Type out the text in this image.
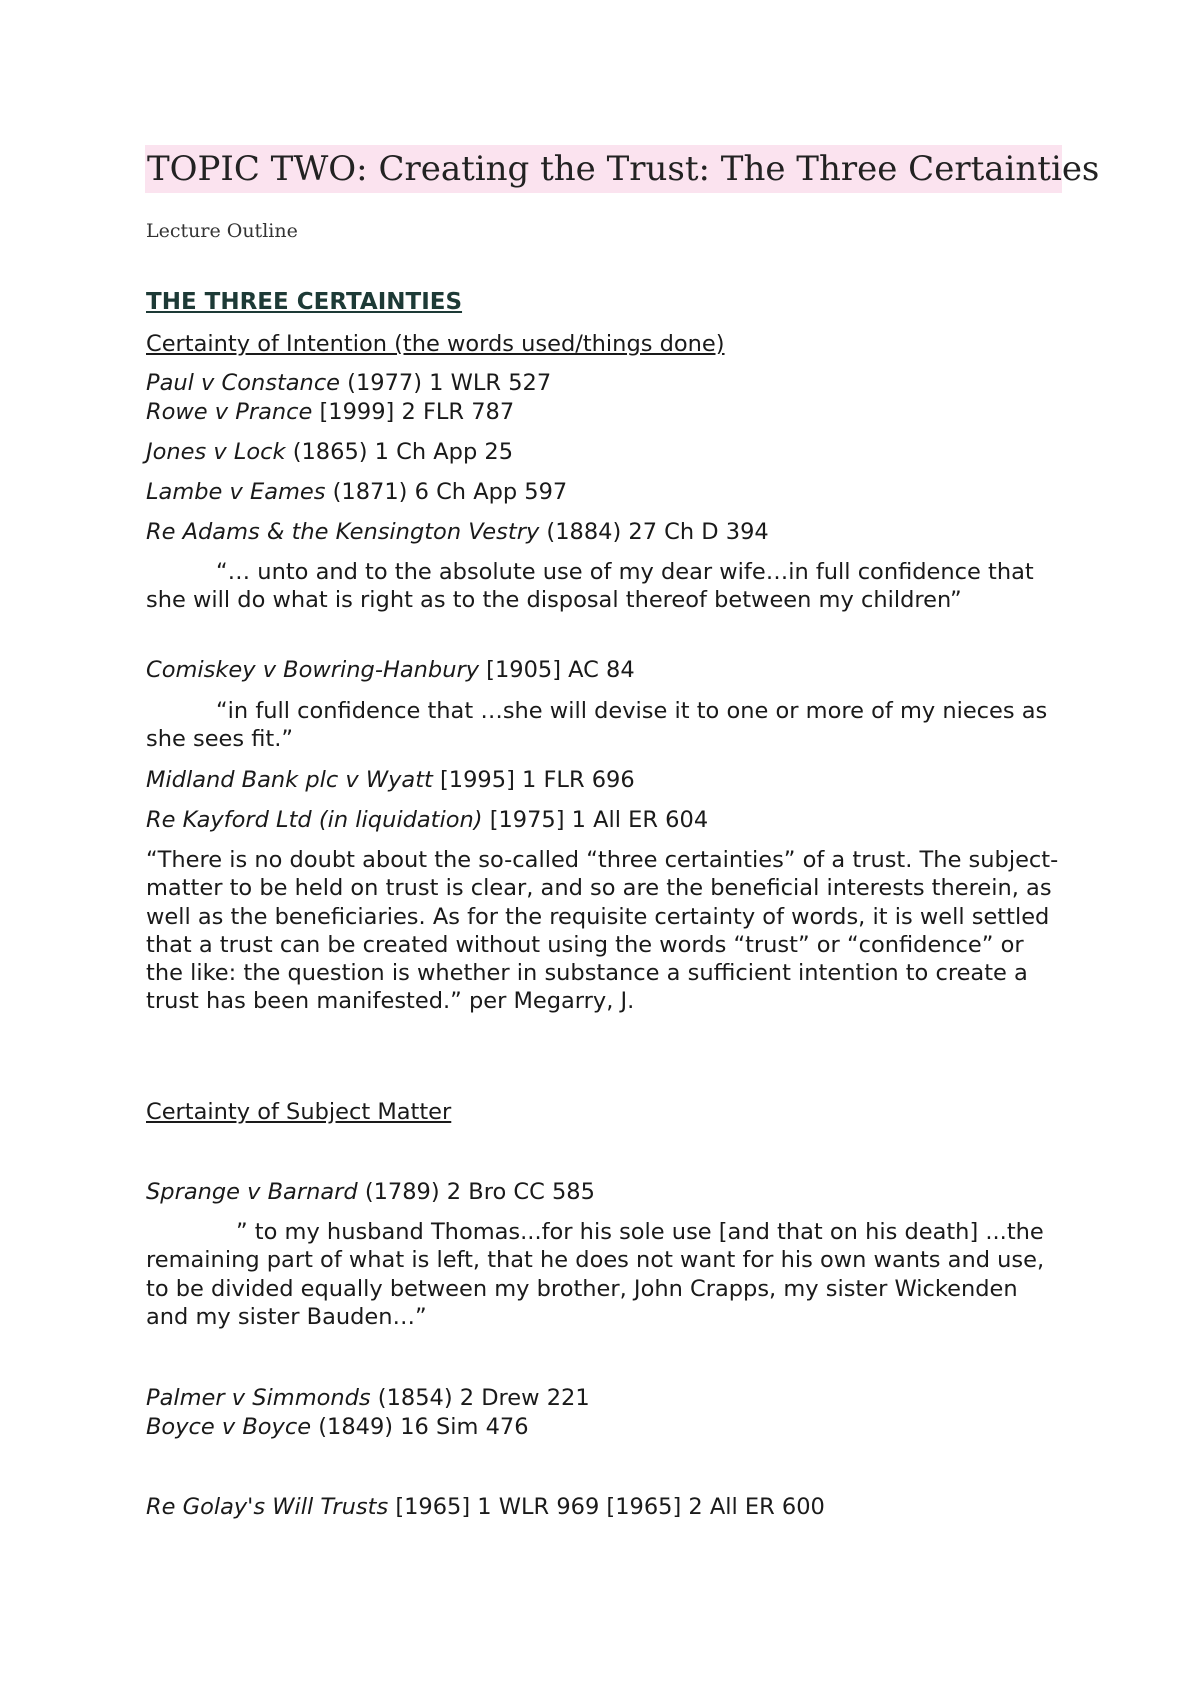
TOPIC TWO: Creating the Trust: The Three Certainties
Lecture Outline
THE THREE CERTAINTIES
Certainty of Intention (the words used/things done)
Paul v Constance (1977) 1 WLR 527
Rowe v Prance [1999] 2 FLR 787
Jones v Lock (1865) 1 Ch App 25
Lambe v Eames (1871) 6 Ch App 597
Re Adams & the Kensington Vestry (1884) 27 Ch D 394
“… unto and to the absolute use of my dear wife…in full confidence that she will do what is right as to the disposal thereof between my children”
Comiskey v Bowring-Hanbury [1905] AC 84
“in full confidence that …she will devise it to one or more of my nieces as she sees fit.”
Midland Bank plc v Wyatt [1995] 1 FLR 696
Re Kayford Ltd (in liquidation) [1975] 1 All ER 604
“There is no doubt about the so-called “three certainties” of a trust. The subject-matter to be held on trust is clear, and so are the beneficial interests therein, as well as the beneficiaries. As for the requisite certainty of words, it is well settled that a trust can be created without using the words “trust” or “confidence” or the like: the question is whether in substance a sufficient intention to create a trust has been manifested.” per Megarry, J.
Certainty of Subject Matter
Sprange v Barnard (1789) 2 Bro CC 585
” to my husband Thomas...for his sole use [and that on his death] ...the remaining part of what is left, that he does not want for his own wants and use, to be divided equally between my brother, John Crapps, my sister Wickenden and my sister Bauden…”
Palmer v Simmonds (1854) 2 Drew 221
Boyce v Boyce (1849) 16 Sim 476
Re Golay's Will Trusts [1965] 1 WLR 969 [1965] 2 All ER 600
